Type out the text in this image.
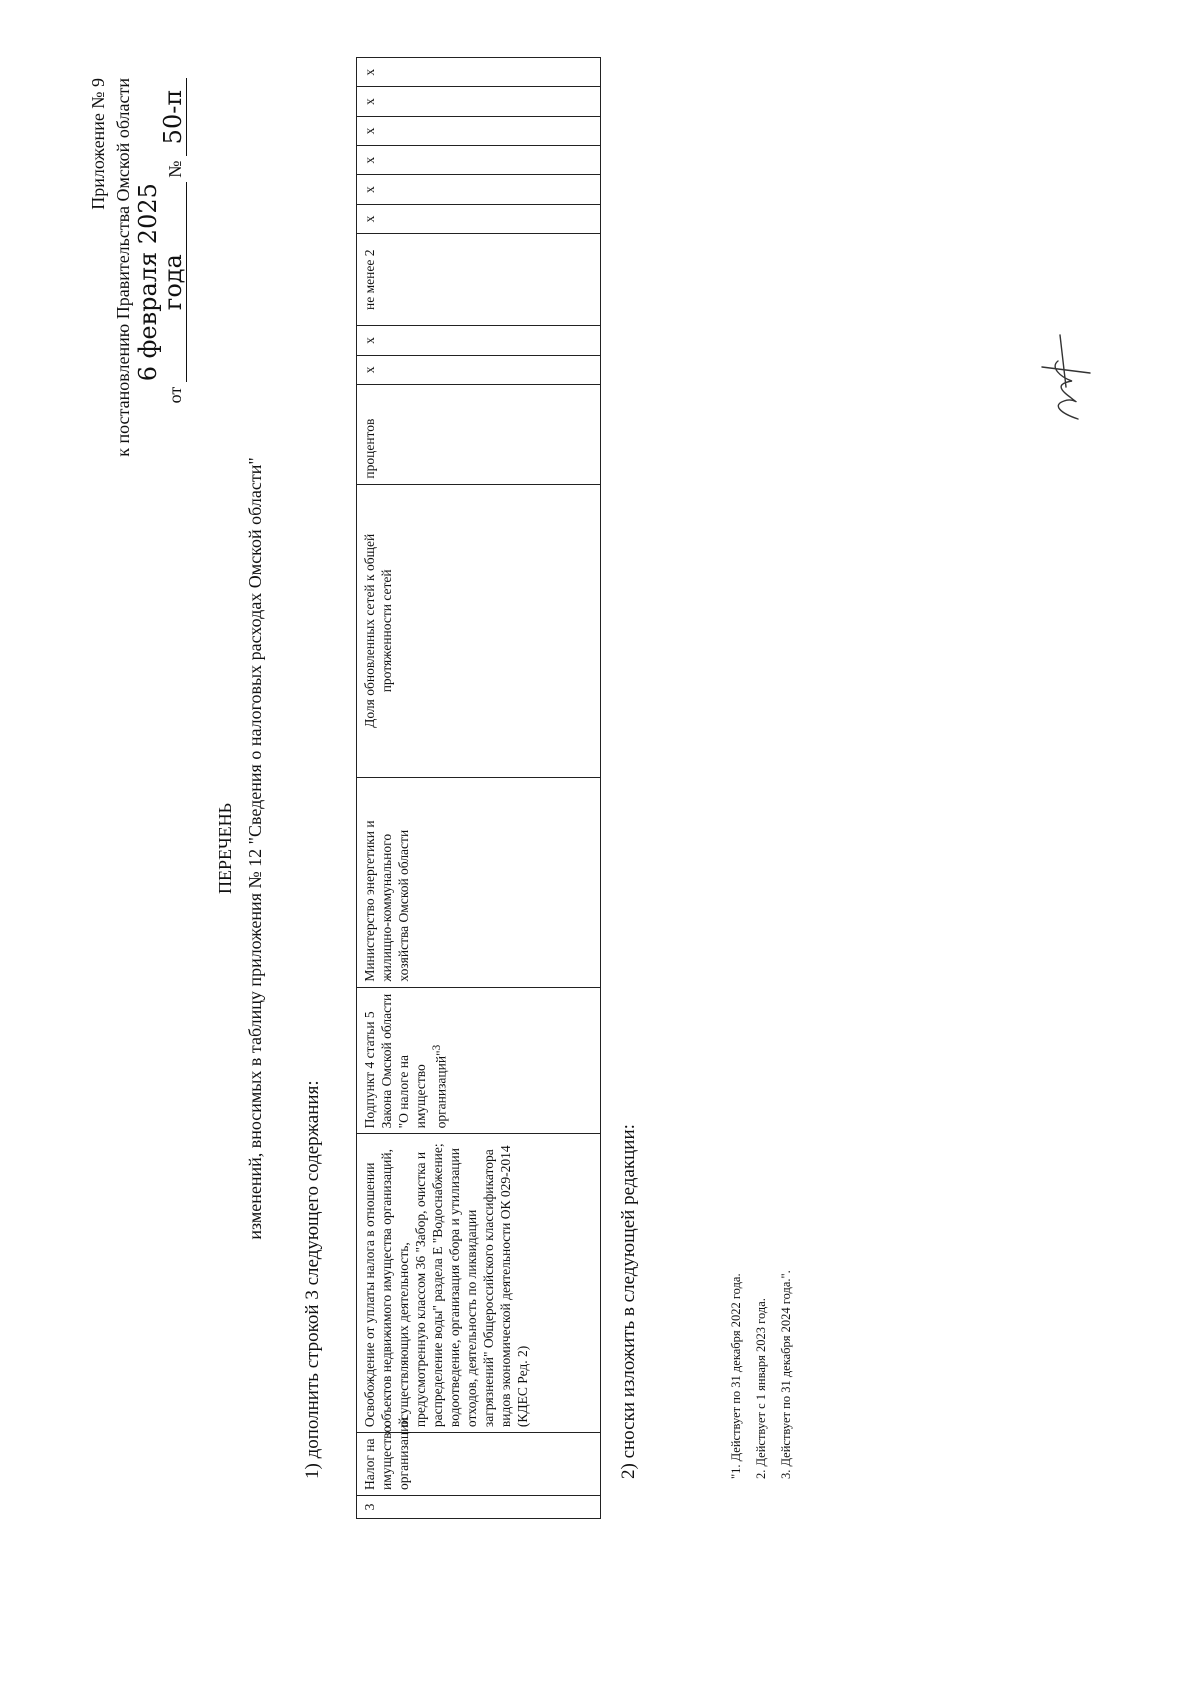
Приложение № 9 к постановлению Правительства Омской области	от 6 февраля 2025 года № 50-п
ПЕРЕЧЕНЬ изменений, вносимых в таблицу приложения № 12 "Сведения о налоговых расходах Омской области"
1) дополнить строкой 3 следующего содержания:
3	Налог на имущество организаций	Освобождение от уплаты налога в отношении объектов недвижимого имущества организаций, осуществляющих деятельность, предусмотренную классом 36 "Забор, очистка и распределение воды" раздела Е "Водоснабжение; водоотведение, организация сбора и утилизации отходов, деятельность по ликвидации загрязнений" Общероссийского классификатора видов экономической деятельности ОК 029-2014 (КДЕС Ред. 2)	Подпункт 4 статьи 5 Закона Омской области "О налоге на имущество организаций"$^3$	Министерство энергетики и жилищно-коммунального хозяйства Омской области	Доля обновленных сетей к общей протяженности сетей	процентов	х	х	не менее 2	х	х	х	х	х	х
2) сноски изложить в следующей редакции:	"1. Действует по 31 декабря 2022 года. 2. Действует с 1 января 2023 года. 3. Действует по 31 декабря 2024 года.".
